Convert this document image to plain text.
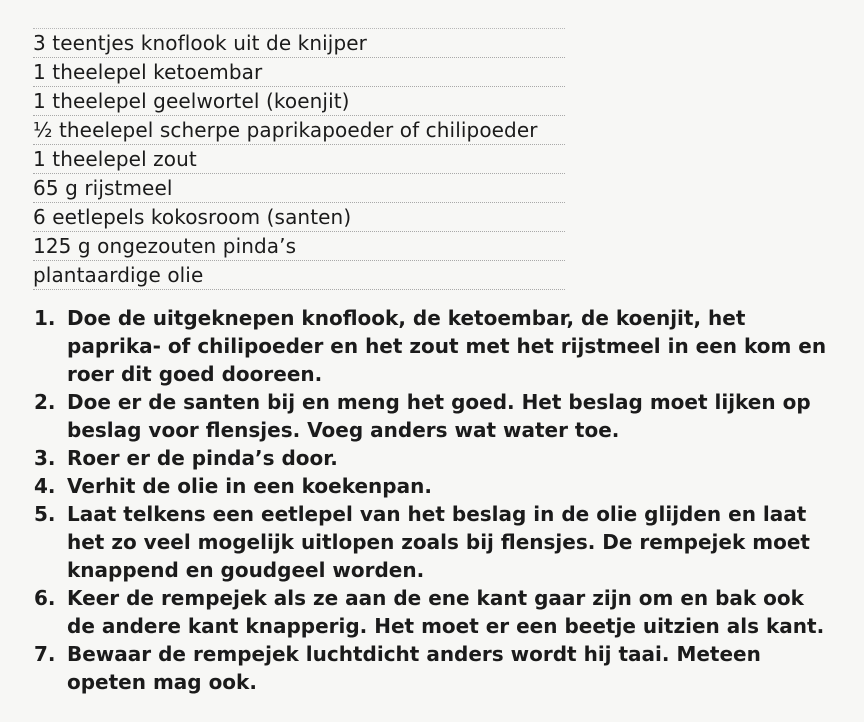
3 teentjes knoflook uit de knijper
1 theelepel ketoembar
1 theelepel geelwortel (koenjit)
½ theelepel scherpe paprikapoeder of chilipoeder
1 theelepel zout
65 g rijstmeel
6 eetlepels kokosroom (santen)
125 g ongezouten pinda’s
plantaardige olie
1. Doe de uitgeknepen knoflook, de ketoembar, de koenjit, het paprika- of chilipoeder en het zout met het rijstmeel in een kom en roer dit goed dooreen.
2. Doe er de santen bij en meng het goed. Het beslag moet lijken op beslag voor flensjes. Voeg anders wat water toe.
3. Roer er de pinda’s door.
4. Verhit de olie in een koekenpan.
5. Laat telkens een eetlepel van het beslag in de olie glijden en laat het zo veel mogelijk uitlopen zoals bij flensjes. De rempejek moet knappend en goudgeel worden.
6. Keer de rempejek als ze aan de ene kant gaar zijn om en bak ook de andere kant knapperig. Het moet er een beetje uitzien als kant.
7. Bewaar de rempejek luchtdicht anders wordt hij taai. Meteen opeten mag ook.
